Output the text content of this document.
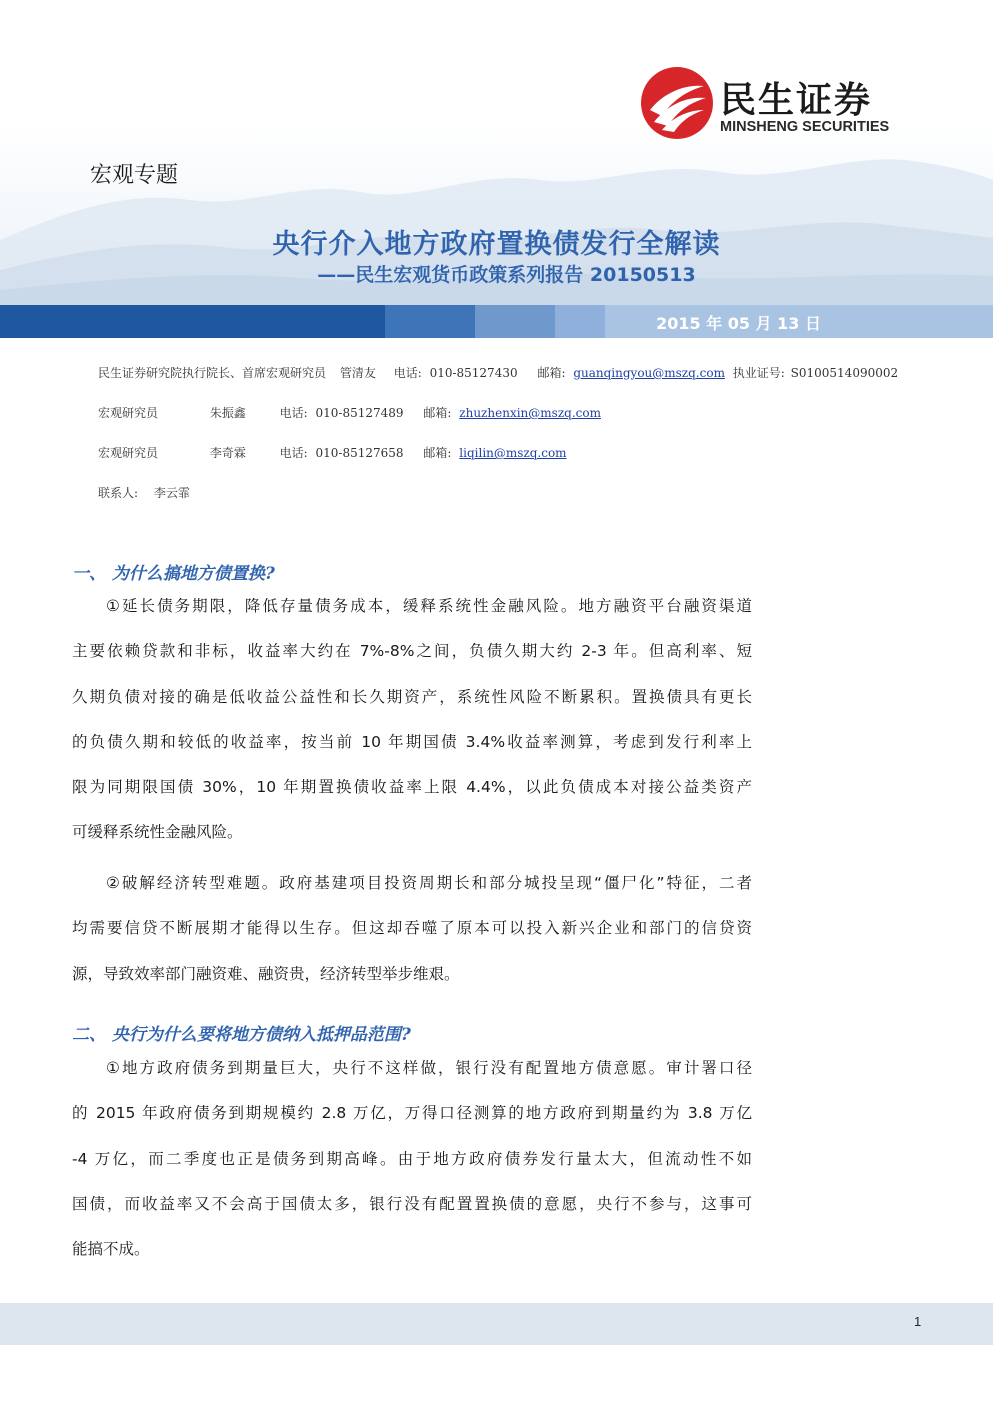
民生证券
MINSHENG SECURITIES
宏观专题
央行介入地方政府置换债发行全解读
——民生宏观货币政策系列报告 20150513
2015 年 05 月 13 日
民生证券研究院执行院长、首席宏观研究员 管清友 电话: 010-85127430 邮箱: guanqingyou@mszq.com 执业证号: S0100514090002
宏观研究员	朱振鑫	电话: 010-85127489 邮箱: zhuzhenxin@mszq.com
宏观研究员	李奇霖	电话: 010-85127658 邮箱: liqilin@mszq.com
联系人: 李云霏
一、 为什么搞地方债置换?
①延长债务期限，降低存量债务成本，缓释系统性金融风险。地方融资平台融资渠道
主要依赖贷款和非标，收益率大约在 7%-8%之间，负债久期大约 2-3 年。但高利率、短
久期负债对接的确是低收益公益性和长久期资产，系统性风险不断累积。置换债具有更长
的负债久期和较低的收益率，按当前 10 年期国债 3.4%收益率测算，考虑到发行利率上
限为同期限国债 30%，10 年期置换债收益率上限 4.4%，以此负债成本对接公益类资产
可缓释系统性金融风险。
②破解经济转型难题。政府基建项目投资周期长和部分城投呈现“僵尸化”特征，二者
均需要信贷不断展期才能得以生存。但这却吞噬了原本可以投入新兴企业和部门的信贷资
源，导致效率部门融资难、融资贵，经济转型举步维艰。
二、 央行为什么要将地方债纳入抵押品范围?
①地方政府债务到期量巨大，央行不这样做，银行没有配置地方债意愿。审计署口径
的 2015 年政府债务到期规模约 2.8 万亿，万得口径测算的地方政府到期量约为 3.8 万亿
-4 万亿，而二季度也正是债务到期高峰。由于地方政府债券发行量太大，但流动性不如
国债，而收益率又不会高于国债太多，银行没有配置置换债的意愿，央行不参与，这事可
能搞不成。
1
